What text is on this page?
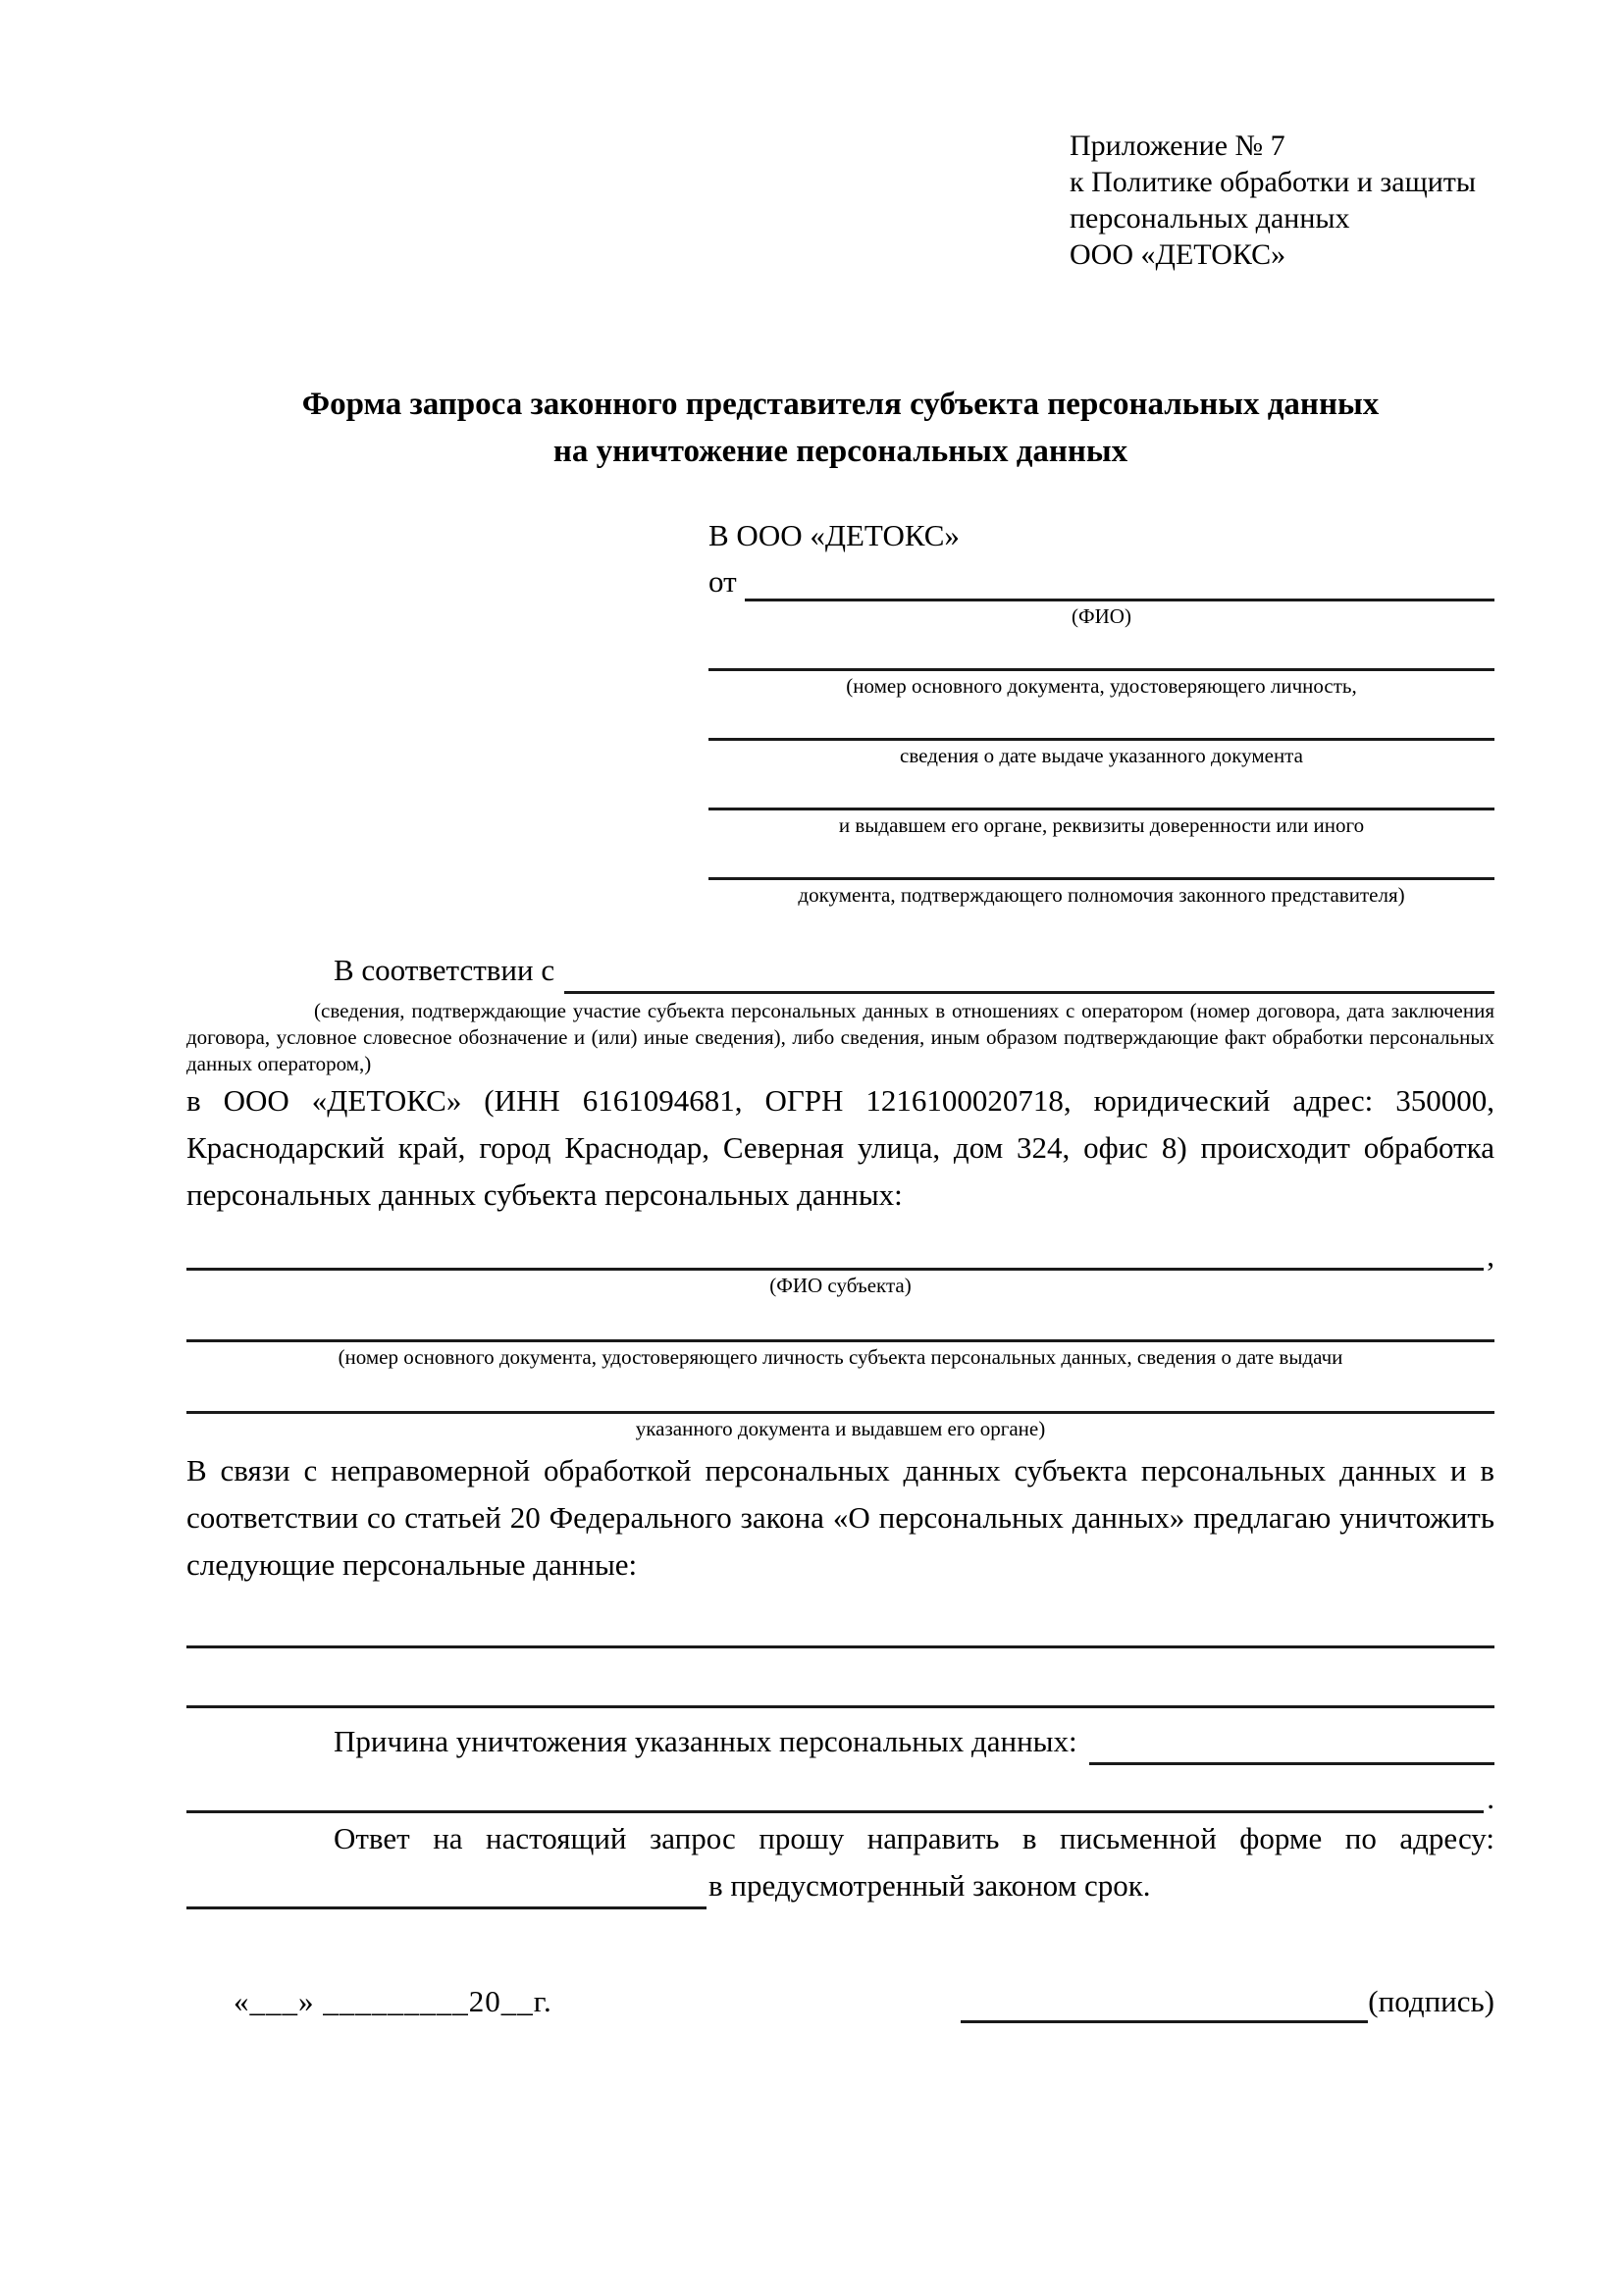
Приложение № 7
к Политике обработки и защиты
персональных данных
ООО «ДЕТОКС»
Форма запроса законного представителя субъекта персональных данных
на уничтожение персональных данных
В ООО «ДЕТОКС»
от
(ФИО)
(номер основного документа, удостоверяющего личность,
сведения о дате выдаче указанного документа
и выдавшем его органе, реквизиты доверенности или иного
документа, подтверждающего полномочия законного представителя)
В соответствии с
(сведения, подтверждающие участие субъекта персональных данных в отношениях с оператором (номер договора, дата заключения договора, условное словесное обозначение и (или) иные сведения), либо сведения, иным образом подтверждающие факт обработки персональных данных оператором,)
в ООО «ДЕТОКС» (ИНН 6161094681, ОГРН 1216100020718, юридический адрес: 350000, Краснодарский край, город Краснодар, Северная улица, дом 324, офис 8) происходит обработка персональных данных субъекта персональных данных:
,
(ФИО субъекта)
(номер основного документа, удостоверяющего личность субъекта персональных данных, сведения о дате выдачи
указанного документа и выдавшем его органе)
В связи с неправомерной обработкой персональных данных субъекта персональных данных и в соответствии со статьей 20 Федерального закона «О персональных данных» предлагаю уничтожить следующие персональные данные:
Причина уничтожения указанных персональных данных:
.
Ответ на настоящий запрос прошу направить в письменной форме по адресу:
в предусмотренный законом срок.
«___» _________20__г.	(подпись)
